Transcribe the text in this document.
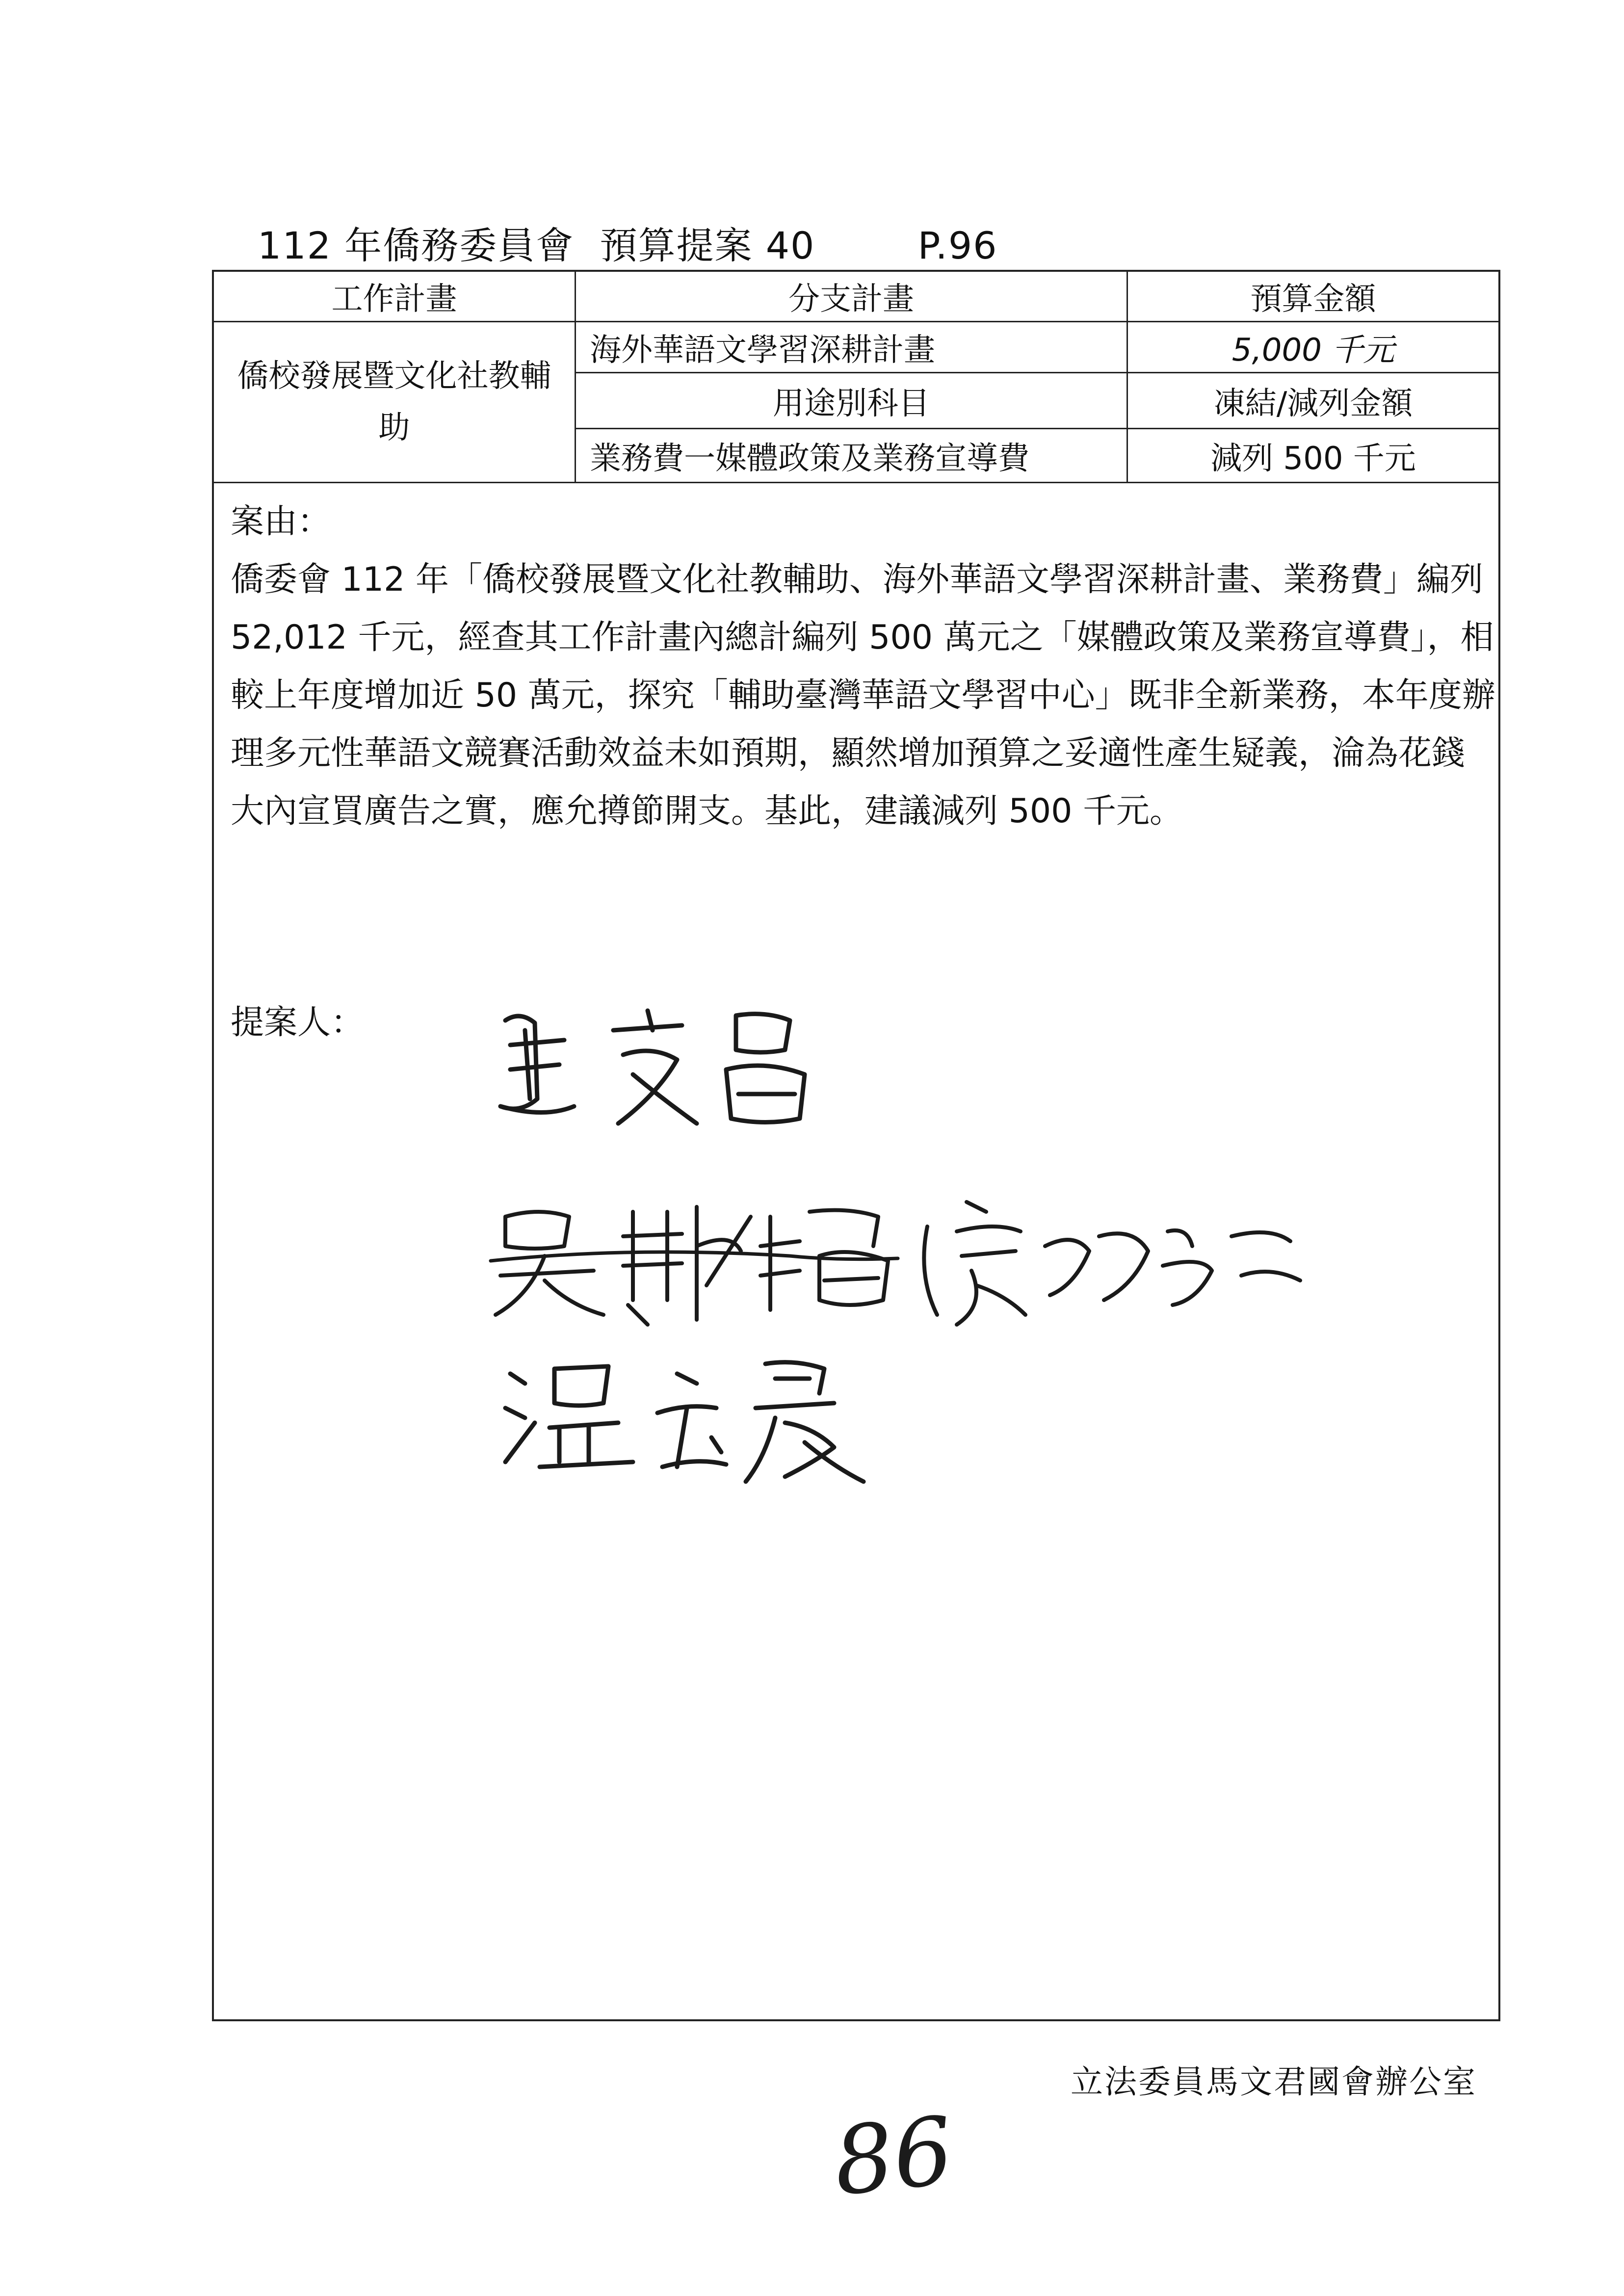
112 年僑務委員會  預算提案 40        P.96
工作計畫	分支計畫	預算金額
僑校發展暨文化社教輔助
海外華語文學習深耕計畫	5,000 千元
用途別科目	凍結/減列金額
業務費一媒體政策及業務宣導費	減列 500 千元

案由：

僑委會 112 年「僑校發展暨文化社教輔助、海外華語文學習深耕計畫、業務費」編列 52,012 千元，經查其工作計畫內總計編列 500 萬元之「媒體政策及業務宣導費」，相較上年度增加近 50 萬元，探究「輔助臺灣華語文學習中心」既非全新業務，本年度辦理多元性華語文競賽活動效益未如預期，顯然增加預算之妥適性產生疑義，淪為花錢大內宣買廣告之實，應允撙節開支。基此，建議減列 500 千元。

提案人：
立法委員馬文君國會辦公室
86
